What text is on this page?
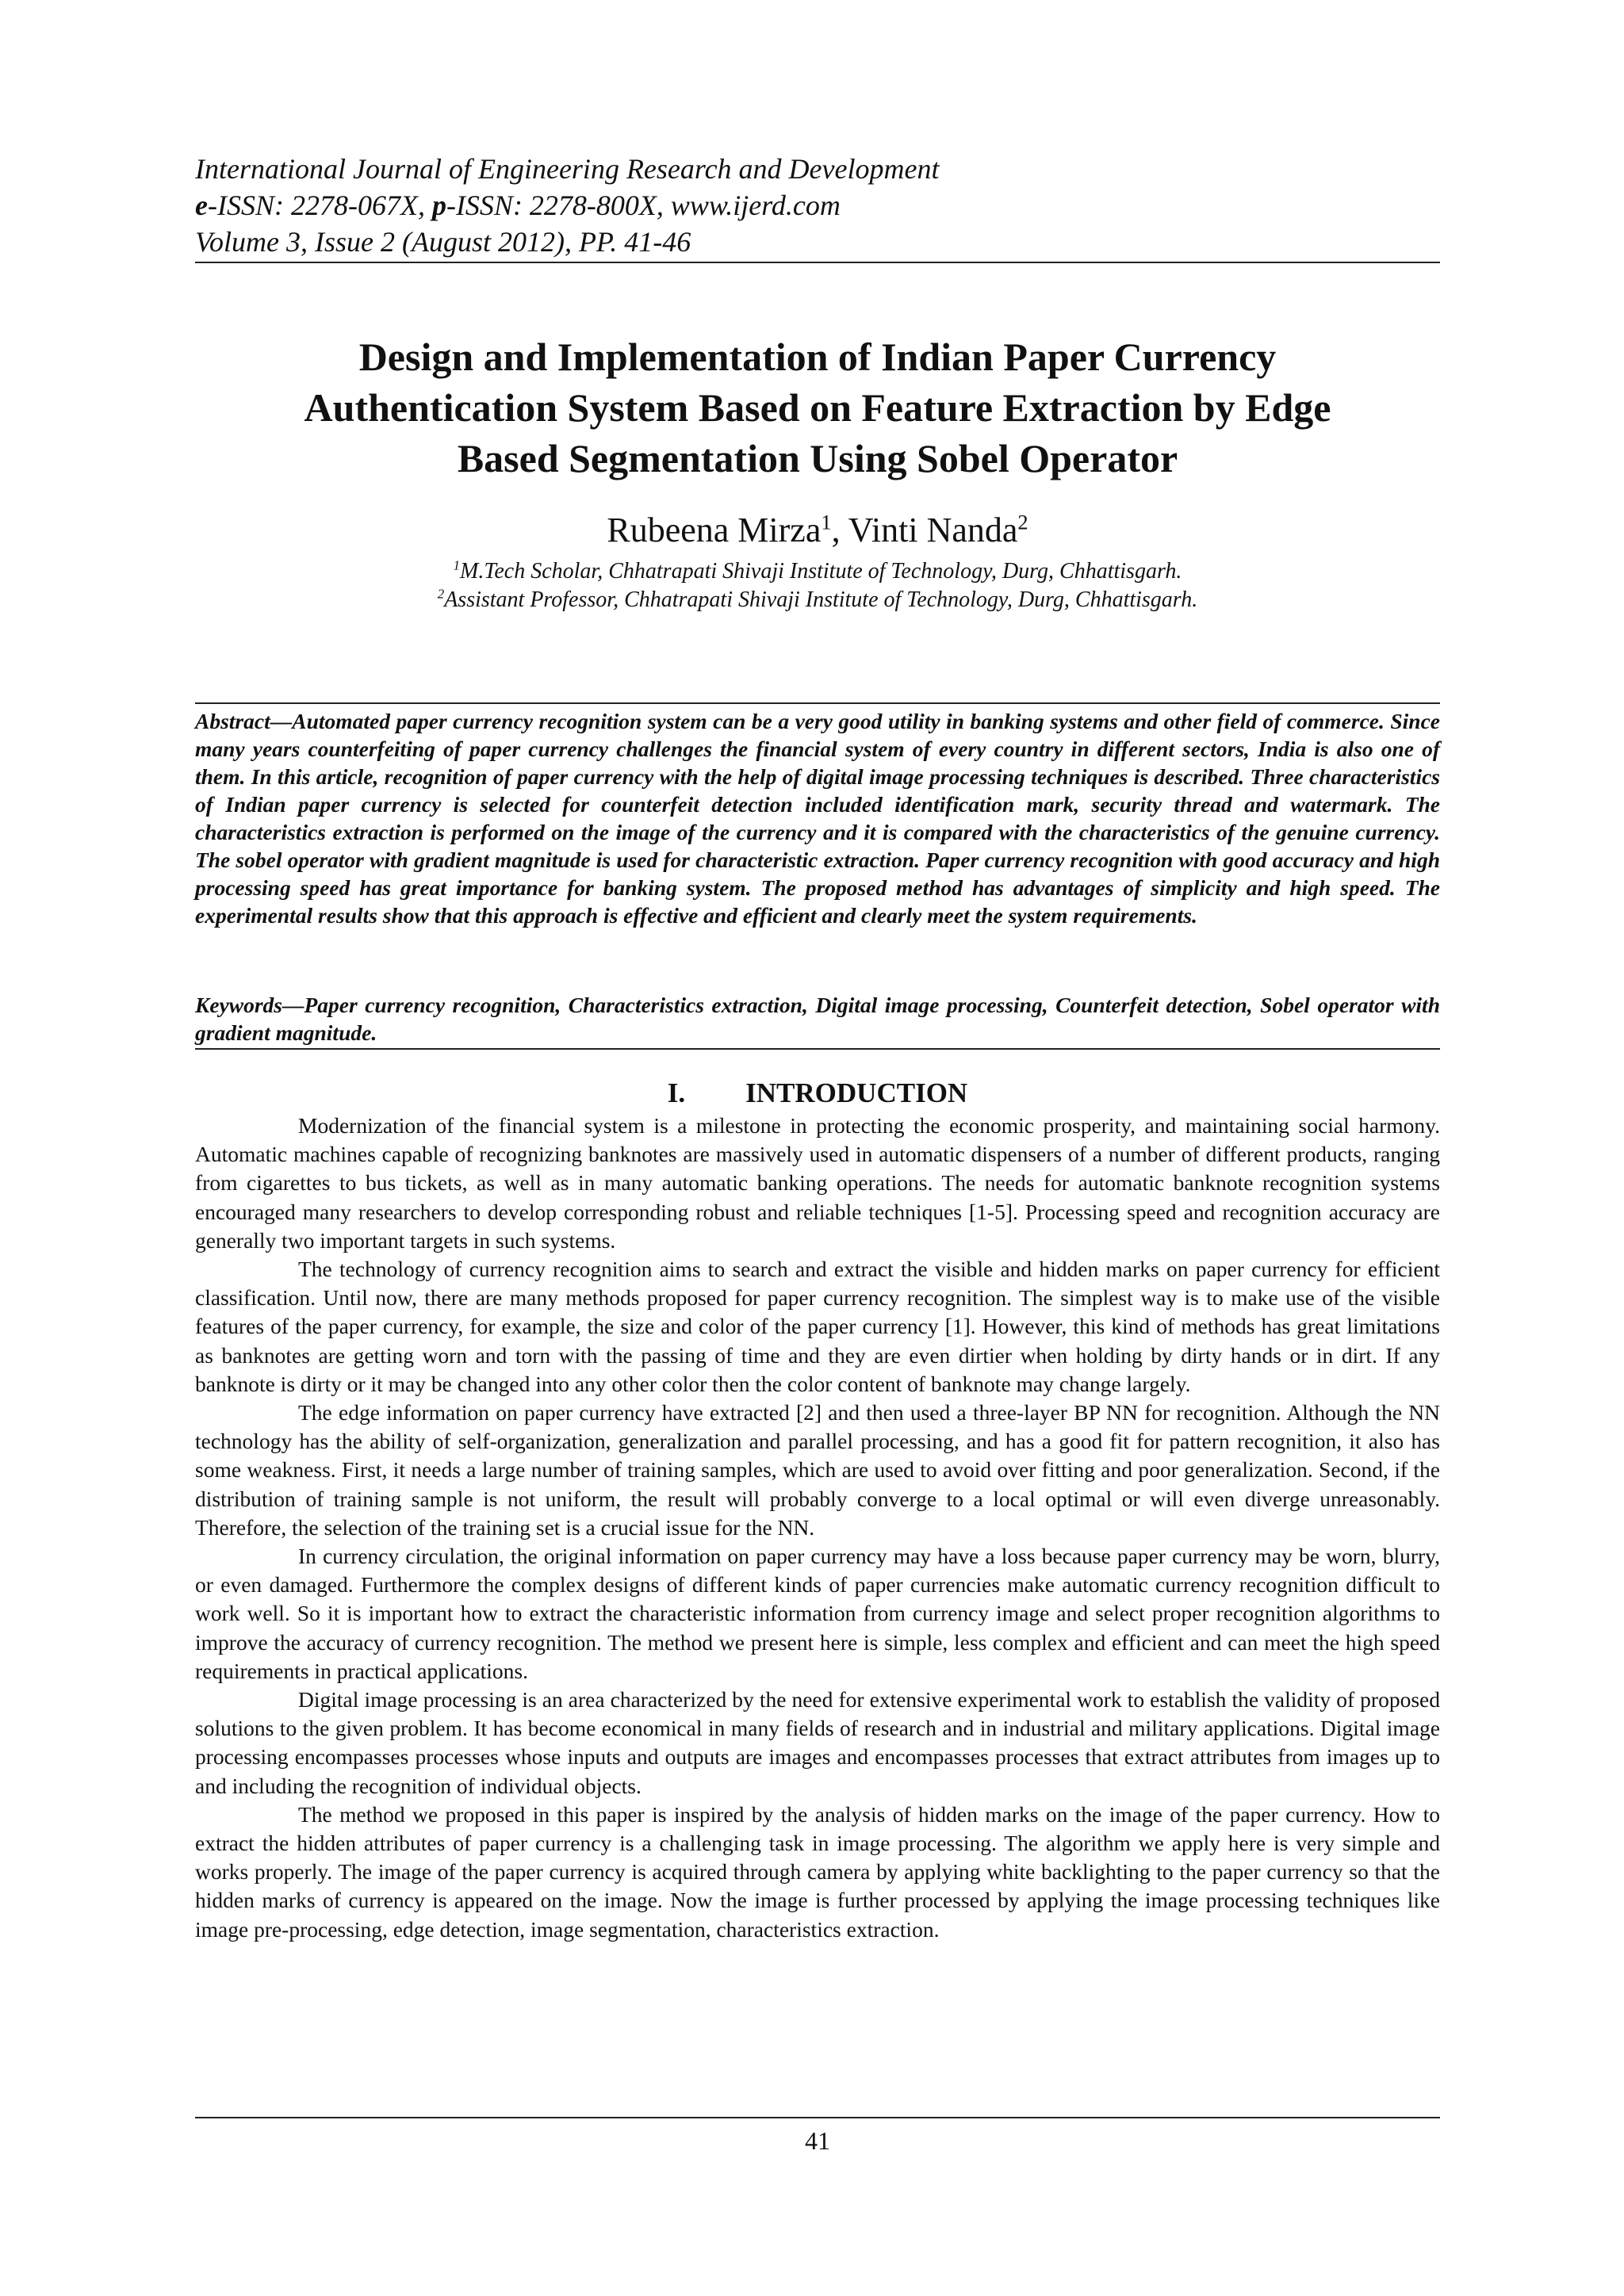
International Journal of Engineering Research and Development
e-ISSN: 2278-067X, p-ISSN: 2278-800X, www.ijerd.com
Volume 3, Issue 2 (August 2012), PP. 41-46
Design and Implementation of Indian Paper Currency
Authentication System Based on Feature Extraction by Edge
Based Segmentation Using Sobel Operator
Rubeena Mirza$^1$, Vinti Nanda$^2$
$^1$M.Tech Scholar, Chhatrapati Shivaji Institute of Technology, Durg, Chhattisgarh.
$^2$Assistant Professor, Chhatrapati Shivaji Institute of Technology, Durg, Chhattisgarh.

Abstract—Automated paper currency recognition system can be a very good utility in banking systems and other field of commerce. Since many years counterfeiting of paper currency challenges the financial system of every country in different sectors, India is also one of them. In this article, recognition of paper currency with the help of digital image processing techniques is described. Three characteristics of Indian paper currency is selected for counterfeit detection included identification mark, security thread and watermark. The characteristics extraction is performed on the image of the currency and it is compared with the characteristics of the genuine currency. The sobel operator with gradient magnitude is used for characteristic extraction. Paper currency recognition with good accuracy and high processing speed has great importance for banking system. The proposed method has advantages of simplicity and high speed. The experimental results show that this approach is effective and efficient and clearly meet the system requirements.

Keywords—Paper currency recognition, Characteristics extraction, Digital image processing, Counterfeit detection, Sobel operator with gradient magnitude.

I. INTRODUCTION

Modernization of the financial system is a milestone in protecting the economic prosperity, and maintaining social harmony. Automatic machines capable of recognizing banknotes are massively used in automatic dispensers of a number of different products, ranging from cigarettes to bus tickets, as well as in many automatic banking operations. The needs for automatic banknote recognition systems encouraged many researchers to develop corresponding robust and reliable techniques [1-5]. Processing speed and recognition accuracy are generally two important targets in such systems.

The technology of currency recognition aims to search and extract the visible and hidden marks on paper currency for efficient classification. Until now, there are many methods proposed for paper currency recognition. The simplest way is to make use of the visible features of the paper currency, for example, the size and color of the paper currency [1]. However, this kind of methods has great limitations as banknotes are getting worn and torn with the passing of time and they are even dirtier when holding by dirty hands or in dirt. If any banknote is dirty or it may be changed into any other color then the color content of banknote may change largely.

The edge information on paper currency have extracted [2] and then used a three-layer BP NN for recognition. Although the NN technology has the ability of self-organization, generalization and parallel processing, and has a good fit for pattern recognition, it also has some weakness. First, it needs a large number of training samples, which are used to avoid over fitting and poor generalization. Second, if the distribution of training sample is not uniform, the result will probably converge to a local optimal or will even diverge unreasonably. Therefore, the selection of the training set is a crucial issue for the NN.

In currency circulation, the original information on paper currency may have a loss because paper currency may be worn, blurry, or even damaged. Furthermore the complex designs of different kinds of paper currencies make automatic currency recognition difficult to work well. So it is important how to extract the characteristic information from currency image and select proper recognition algorithms to improve the accuracy of currency recognition. The method we present here is simple, less complex and efficient and can meet the high speed requirements in practical applications.

Digital image processing is an area characterized by the need for extensive experimental work to establish the validity of proposed solutions to the given problem. It has become economical in many fields of research and in industrial and military applications. Digital image processing encompasses processes whose inputs and outputs are images and encompasses processes that extract attributes from images up to and including the recognition of individual objects.

The method we proposed in this paper is inspired by the analysis of hidden marks on the image of the paper currency. How to extract the hidden attributes of paper currency is a challenging task in image processing. The algorithm we apply here is very simple and works properly. The image of the paper currency is acquired through camera by applying white backlighting to the paper currency so that the hidden marks of currency is appeared on the image. Now the image is further processed by applying the image processing techniques like image pre-processing, edge detection, image segmentation, characteristics extraction.

41
